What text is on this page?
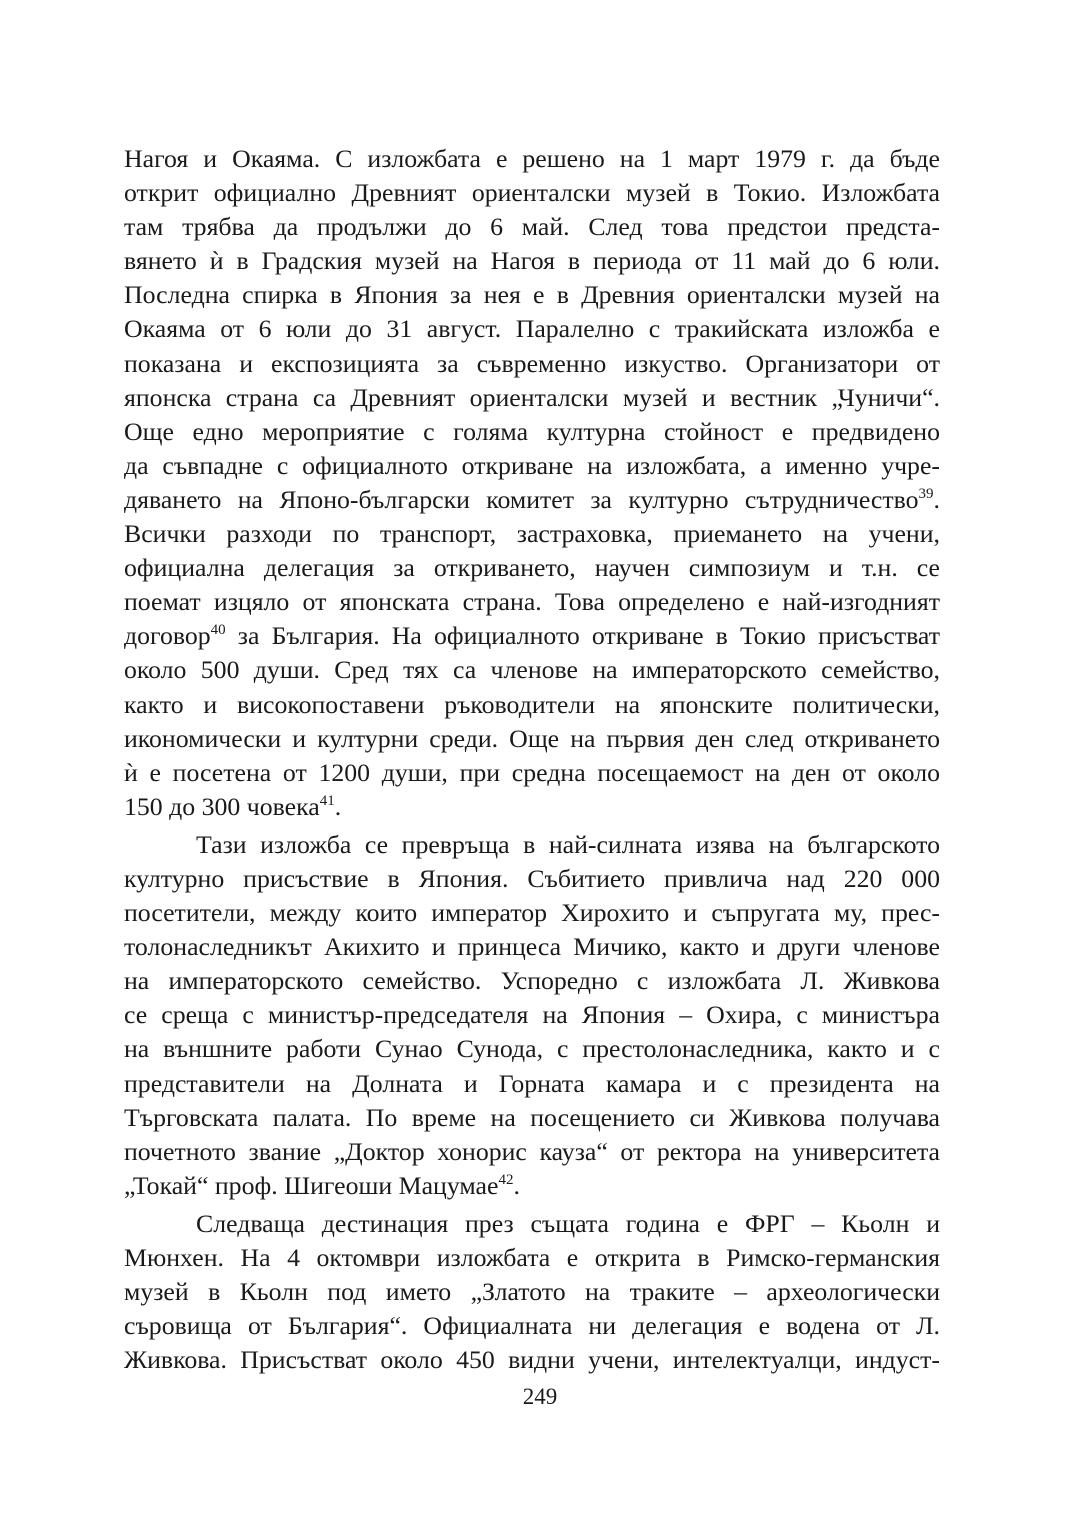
Нагоя и Окаяма. С изложбата е решено на 1 март 1979 г. да бъде
открит официално Древният ориенталски музей в Токио. Изложбата
там трябва да продължи до 6 май. След това предстои предста-
вянето ѝ в Градския музей на Нагоя в периода от 11 май до 6 юли.
Последна спирка в Япония за нея е в Древния ориенталски музей на
Окаяма от 6 юли до 31 август. Паралелно с тракийската изложба е
показана и експозицията за съвременно изкуство. Организатори от
японска страна са Древният ориенталски музей и вестник „Чуничи“.
Още едно мероприятие с голяма културна стойност е предвидено
да съвпадне с официалното откриване на изложбата, а именно учре-
дяването на Японо-български комитет за културно сътрудничество$^{39}$.
Всички разходи по транспорт, застраховка, приемането на учени,
официална делегация за откриването, научен симпозиум и т.н. се
поемат изцяло от японската страна. Това определено е най-изгодният
договор$^{40}$ за България. На официалното откриване в Токио присъстват
около 500 души. Сред тях са членове на императорското семейство,
както и високопоставени ръководители на японските политически,
икономически и културни среди. Още на първия ден след откриването
ѝ е посетена от 1200 души, при средна посещаемост на ден от около
150 до 300 човека$^{41}$.
Тази изложба се превръща в най-силната изява на българското
културно присъствие в Япония. Събитието привлича над 220 000
посетители, между които император Хирохито и съпругата му, прес-
толонаследникът Акихито и принцеса Мичико, както и други членове
на императорското семейство. Успоредно с изложбата Л. Живкова
се среща с министър-председателя на Япония – Охира, с министъра
на външните работи Сунао Сунода, с престолонаследника, както и с
представители на Долната и Горната камара и с президента на
Търговската палата. По време на посещението си Живкова получава
почетното звание „Доктор хонорис кауза“ от ректора на университета
„Токай“ проф. Шигеоши Мацумае$^{42}$.
Следваща дестинация през същата година е ФРГ – Кьолн и
Мюнхен. На 4 октомври изложбата е открита в Римско-германския
музей в Кьолн под името „Златото на траките – археологически
съровища от България“. Официалната ни делегация е водена от Л.
Живкова. Присъстват около 450 видни учени, интелектуалци, индуст-
249
